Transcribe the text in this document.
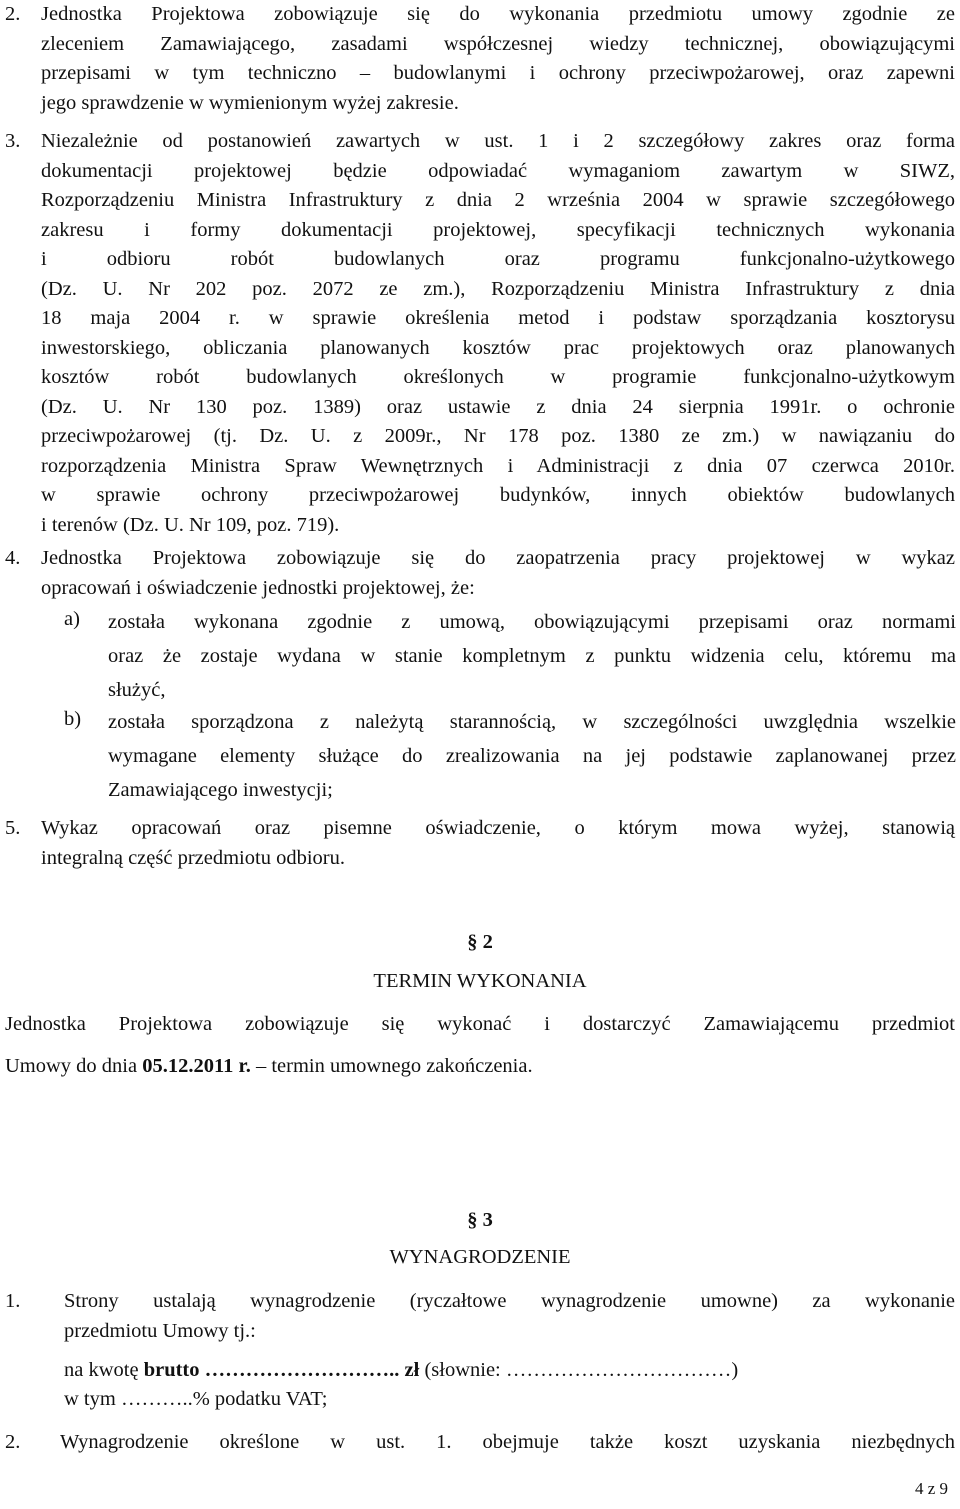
2. Jednostka Projektowa zobowiązuje się do wykonania przedmiotu umowy zgodnie ze
zleceniem Zamawiającego, zasadami współczesnej wiedzy technicznej, obowiązującymi
przepisami w tym techniczno – budowlanymi i ochrony przeciwpożarowej, oraz zapewni
jego sprawdzenie w wymienionym wyżej zakresie.
3. Niezależnie od postanowień zawartych w ust. 1 i 2 szczegółowy zakres oraz forma
dokumentacji projektowej będzie odpowiadać wymaganiom zawartym w SIWZ,
Rozporządzeniu Ministra Infrastruktury z dnia 2 września 2004 w sprawie szczegółowego
zakresu i formy dokumentacji projektowej, specyfikacji technicznych wykonania
i odbioru robót budowlanych oraz programu funkcjonalno-użytkowego
(Dz. U. Nr 202 poz. 2072 ze zm.), Rozporządzeniu Ministra Infrastruktury z dnia
18 maja 2004 r. w sprawie określenia metod i podstaw sporządzania kosztorysu
inwestorskiego, obliczania planowanych kosztów prac projektowych oraz planowanych
kosztów robót budowlanych określonych w programie funkcjonalno-użytkowym
(Dz. U. Nr 130 poz. 1389) oraz ustawie z dnia 24 sierpnia 1991r. o ochronie
przeciwpożarowej (tj. Dz. U. z 2009r., Nr 178 poz. 1380 ze zm.) w nawiązaniu do
rozporządzenia Ministra Spraw Wewnętrznych i Administracji z dnia 07 czerwca 2010r.
w sprawie ochrony przeciwpożarowej budynków, innych obiektów budowlanych
i terenów (Dz. U. Nr 109, poz. 719).
4. Jednostka Projektowa zobowiązuje się do zaopatrzenia pracy projektowej w wykaz
opracowań i oświadczenie jednostki projektowej, że:
a) została wykonana zgodnie z umową, obowiązującymi przepisami oraz normami
oraz że zostaje wydana w stanie kompletnym z punktu widzenia celu, któremu ma
służyć,
b) została sporządzona z należytą starannością, w szczególności uwzględnia wszelkie
wymagane elementy służące do zrealizowania na jej podstawie zaplanowanej przez
Zamawiającego inwestycji;
5. Wykaz opracowań oraz pisemne oświadczenie, o którym mowa wyżej, stanowią
integralną część przedmiotu odbioru.
§ 2
TERMIN WYKONANIA
Jednostka Projektowa zobowiązuje się wykonać i dostarczyć Zamawiającemu przedmiot
Umowy do dnia 05.12.2011 r. – termin umownego zakończenia.
§ 3
WYNAGRODZENIE
1. Strony ustalają wynagrodzenie (ryczałtowe wynagrodzenie umowne) za wykonanie
przedmiotu Umowy tj.:
na kwotę brutto ……………………….. zł (słownie: ……………………………)
w tym ………..% podatku VAT;
2. Wynagrodzenie określone w ust. 1. obejmuje także koszt uzyskania niezbędnych
4 z 9
